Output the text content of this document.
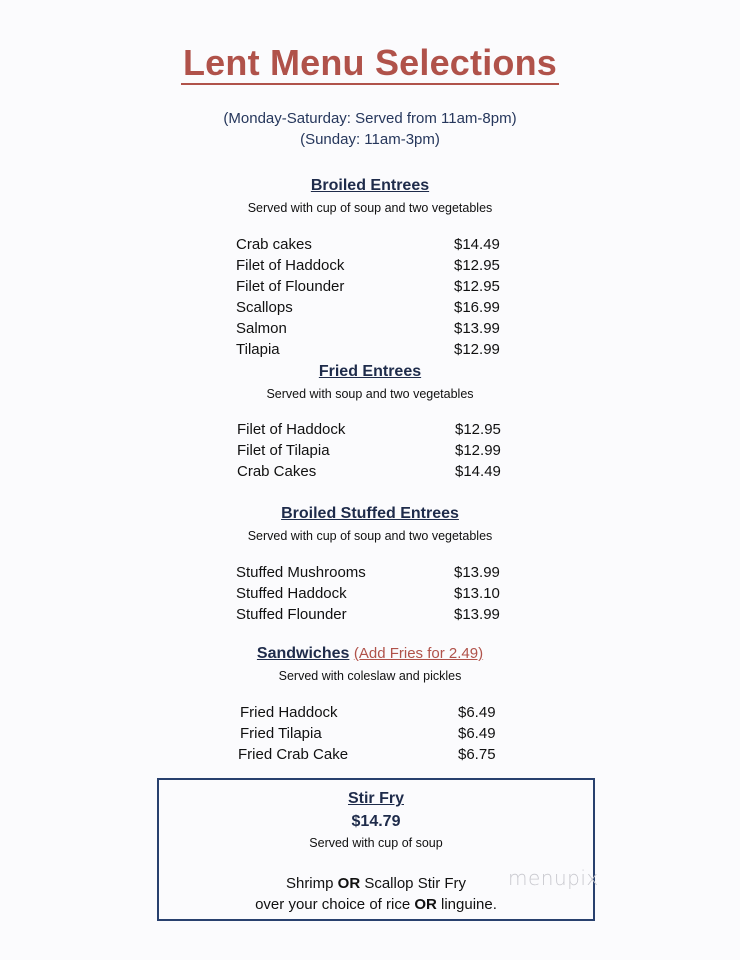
Lent Menu Selections
(Monday-Saturday: Served from 11am-8pm)
(Sunday: 11am-3pm)
Broiled Entrees
Served with cup of soup and two vegetables
Crab cakes	$14.49
Filet of Haddock	$12.95
Filet of Flounder	$12.95
Scallops	$16.99
Salmon	$13.99
Tilapia	$12.99
Fried Entrees
Served with soup and two vegetables
Filet of Haddock	$12.95
Filet of Tilapia	$12.99
Crab Cakes	$14.49
Broiled Stuffed Entrees
Served with cup of soup and two vegetables
Stuffed Mushrooms	$13.99
Stuffed Haddock	$13.10
Stuffed Flounder	$13.99
Sandwiches (Add Fries for 2.49)
Served with coleslaw and pickles
Fried Haddock	$6.49
Fried Tilapia	$6.49
Fried Crab Cake	$6.75
Stir Fry
$14.79
Served with cup of soup
Shrimp OR Scallop Stir Fry
over your choice of rice OR linguine.
menupix
